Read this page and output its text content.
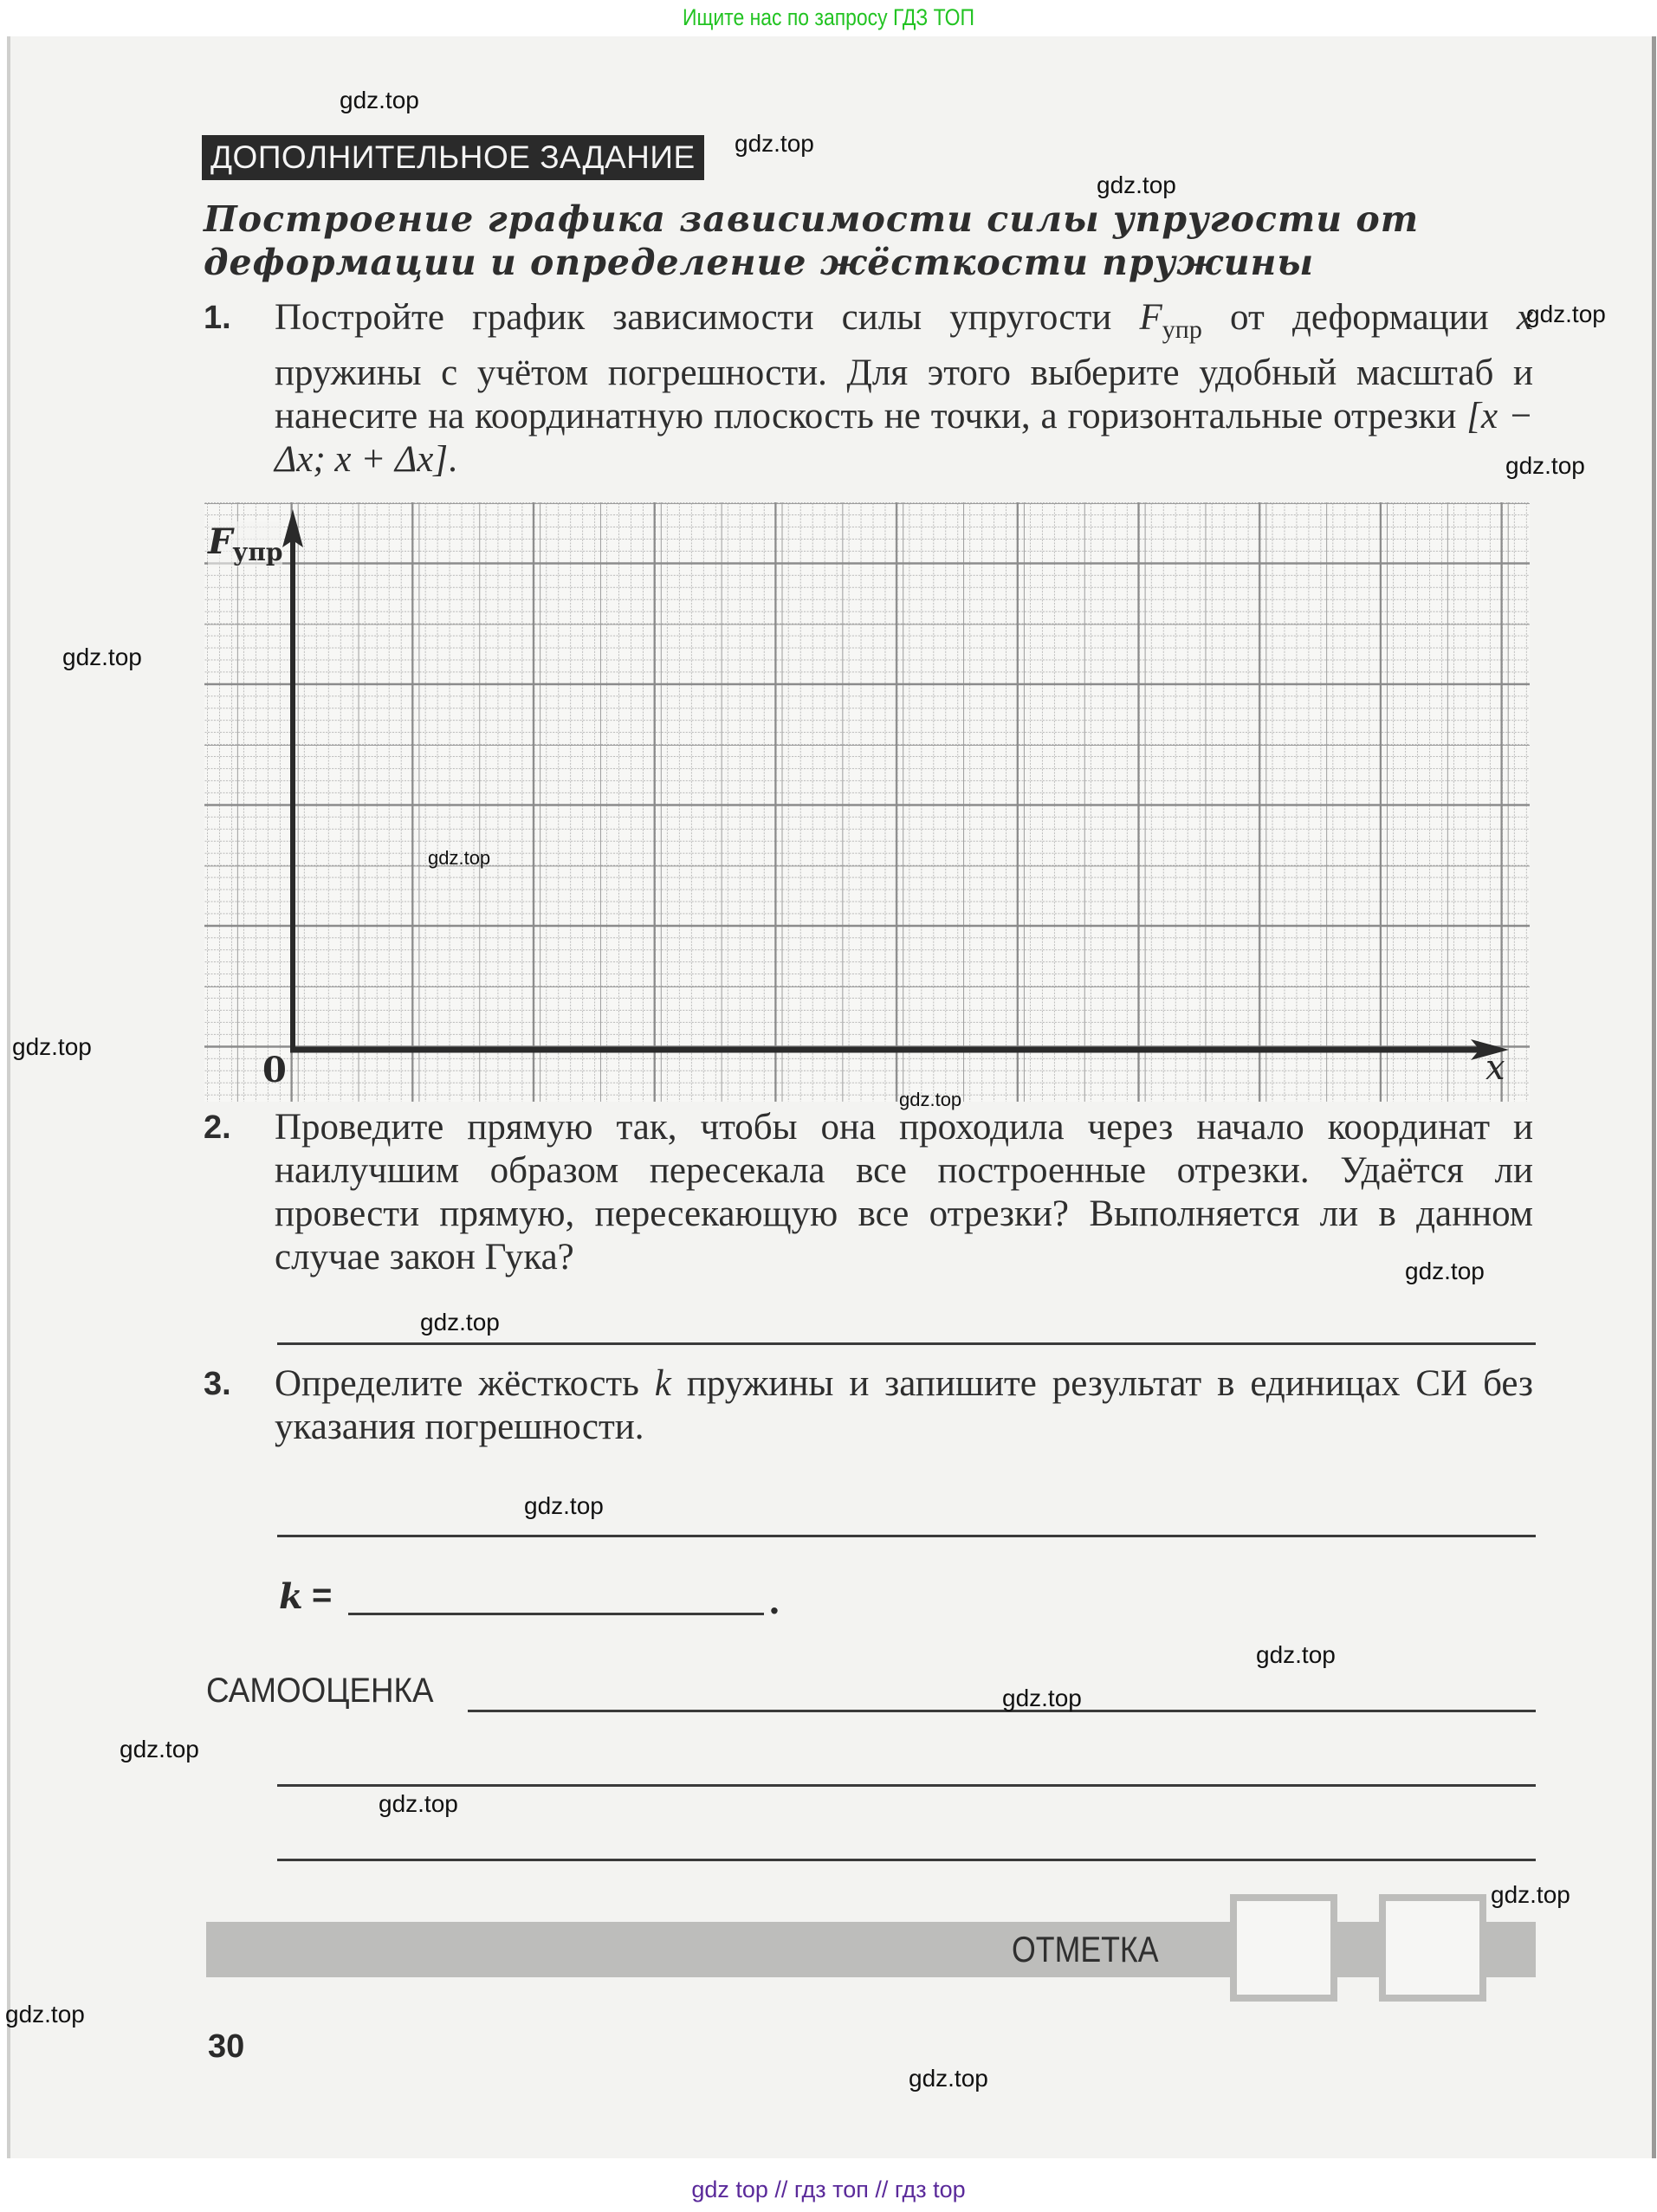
Ищите нас по запросу ГДЗ ТОП
ДОПОЛНИТЕЛЬНОЕ ЗАДАНИЕ
Построение графика зависимости силы упругости от деформации и определение жёсткости пружины
1. Постройте график зависимости силы упругости $F_{упр}$ от деформации x пружины с учётом погрешности. Для этого выберите удобный масштаб и нанесите на координатную плоскость не точки, а горизонтальные отрезки [x − Δx; x + Δx].
$F_{упр}$
0	x
2. Проведите прямую так, чтобы она проходила через начало координат и наилучшим образом пересекала все построенные отрезки. Удаётся ли провести прямую, пересекающую все отрезки? Выполняется ли в данном случае закон Гука?
3. Определите жёсткость k пружины и запишите результат в единицах СИ без указания погрешности.
k =	.
САМООЦЕНКА
ОТМЕТКА
30
gdz.top
gdz.top
gdz.top
gdz.top
gdz.top
gdz.top
gdz.top
gdz.top
gdz.top
gdz.top
gdz.top
gdz.top
gdz.top
gdz.top
gdz.top
gdz.top
gdz.top
gdz.top
gdz.top
gdz top // гдз топ // гдз top
